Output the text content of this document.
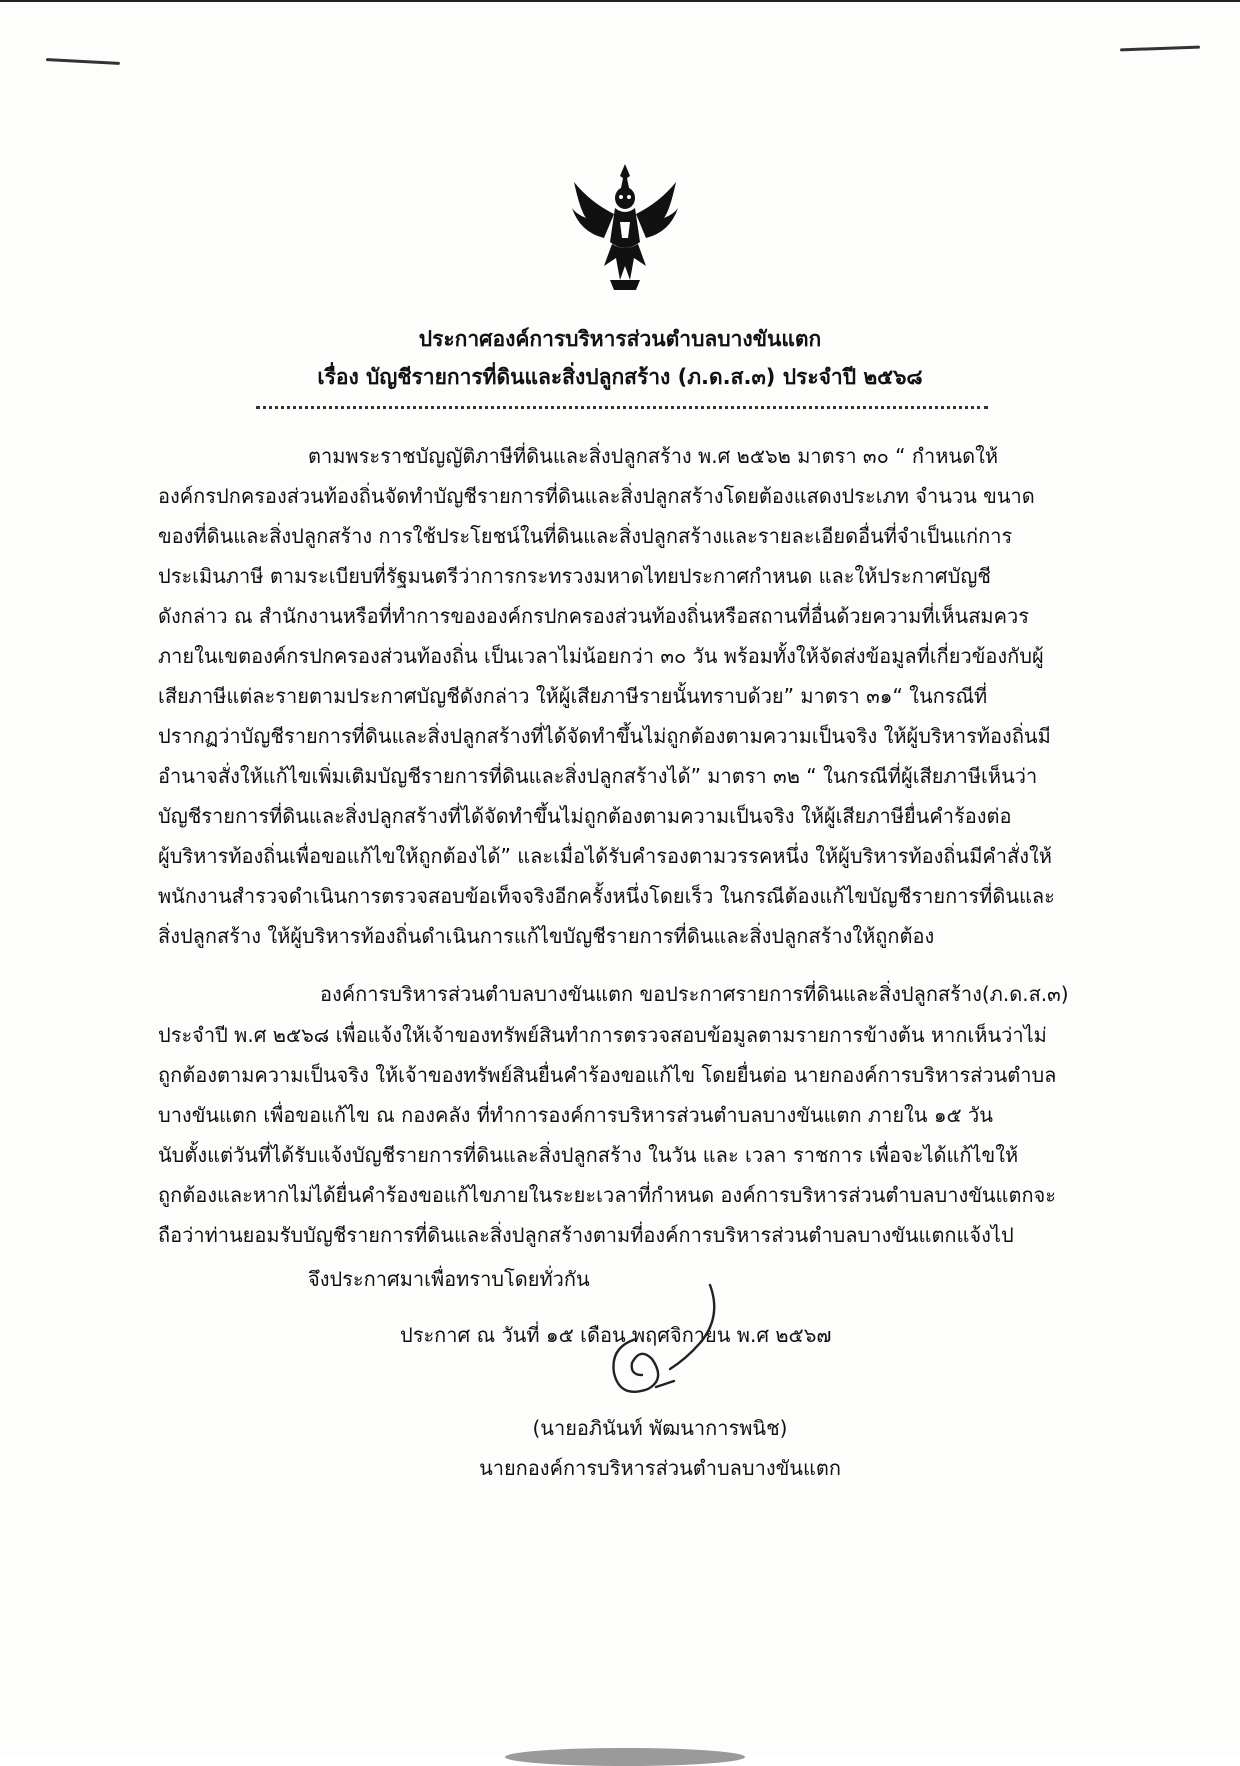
ประกาศองค์การบริหารส่วนตำบลบางขันแตก
เรื่อง บัญชีรายการที่ดินและสิ่งปลูกสร้าง (ภ.ด.ส.๓) ประจำปี ๒๕๖๘
ตามพระราชบัญญัติภาษีที่ดินและสิ่งปลูกสร้าง พ.ศ ๒๕๖๒ มาตรา ๓๐ “ กำหนดให้
องค์กรปกครองส่วนท้องถิ่นจัดทำบัญชีรายการที่ดินและสิ่งปลูกสร้างโดยต้องแสดงประเภท จำนวน ขนาด
ของที่ดินและสิ่งปลูกสร้าง การใช้ประโยชน์ในที่ดินและสิ่งปลูกสร้างและรายละเอียดอื่นที่จำเป็นแก่การ
ประเมินภาษี ตามระเบียบที่รัฐมนตรีว่าการกระทรวงมหาดไทยประกาศกำหนด และให้ประกาศบัญชี
ดังกล่าว ณ สำนักงานหรือที่ทำการขององค์กรปกครองส่วนท้องถิ่นหรือสถานที่อื่นด้วยความที่เห็นสมควร
ภายในเขตองค์กรปกครองส่วนท้องถิ่น เป็นเวลาไม่น้อยกว่า ๓๐ วัน พร้อมทั้งให้จัดส่งข้อมูลที่เกี่ยวข้องกับผู้
เสียภาษีแต่ละรายตามประกาศบัญชีดังกล่าว ให้ผู้เสียภาษีรายนั้นทราบด้วย” มาตรา ๓๑“ ในกรณีที่
ปรากฏว่าบัญชีรายการที่ดินและสิ่งปลูกสร้างที่ได้จัดทำขึ้นไม่ถูกต้องตามความเป็นจริง ให้ผู้บริหารท้องถิ่นมี
อำนาจสั่งให้แก้ไขเพิ่มเติมบัญชีรายการที่ดินและสิ่งปลูกสร้างได้” มาตรา ๓๒ “ ในกรณีที่ผู้เสียภาษีเห็นว่า
บัญชีรายการที่ดินและสิ่งปลูกสร้างที่ได้จัดทำขึ้นไม่ถูกต้องตามความเป็นจริง ให้ผู้เสียภาษียื่นคำร้องต่อ
ผู้บริหารท้องถิ่นเพื่อขอแก้ไขให้ถูกต้องได้” และเมื่อได้รับคำรองตามวรรคหนึ่ง ให้ผู้บริหารท้องถิ่นมีคำสั่งให้
พนักงานสำรวจดำเนินการตรวจสอบข้อเท็จจริงอีกครั้งหนึ่งโดยเร็ว ในกรณีต้องแก้ไขบัญชีรายการที่ดินและ
สิ่งปลูกสร้าง ให้ผู้บริหารท้องถิ่นดำเนินการแก้ไขบัญชีรายการที่ดินและสิ่งปลูกสร้างให้ถูกต้อง
องค์การบริหารส่วนตำบลบางขันแตก ขอประกาศรายการที่ดินและสิ่งปลูกสร้าง(ภ.ด.ส.๓)
ประจำปี พ.ศ ๒๕๖๘ เพื่อแจ้งให้เจ้าของทรัพย์สินทำการตรวจสอบข้อมูลตามรายการข้างต้น หากเห็นว่าไม่
ถูกต้องตามความเป็นจริง ให้เจ้าของทรัพย์สินยื่นคำร้องขอแก้ไข โดยยื่นต่อ นายกองค์การบริหารส่วนตำบล
บางขันแตก เพื่อขอแก้ไข ณ กองคลัง ที่ทำการองค์การบริหารส่วนตำบลบางขันแตก ภายใน ๑๕ วัน
นับตั้งแต่วันที่ได้รับแจ้งบัญชีรายการที่ดินและสิ่งปลูกสร้าง ในวัน และ เวลา ราชการ เพื่อจะได้แก้ไขให้
ถูกต้องและหากไม่ได้ยื่นคำร้องขอแก้ไขภายในระยะเวลาที่กำหนด องค์การบริหารส่วนตำบลบางขันแตกจะ
ถือว่าท่านยอมรับบัญชีรายการที่ดินและสิ่งปลูกสร้างตามที่องค์การบริหารส่วนตำบลบางขันแตกแจ้งไป
จึงประกาศมาเพื่อทราบโดยทั่วกัน
ประกาศ ณ วันที่ ๑๕ เดือน พฤศจิกายน พ.ศ ๒๕๖๗
(นายอภินันท์ พัฒนาการพนิช)
นายกองค์การบริหารส่วนตำบลบางขันแตก
